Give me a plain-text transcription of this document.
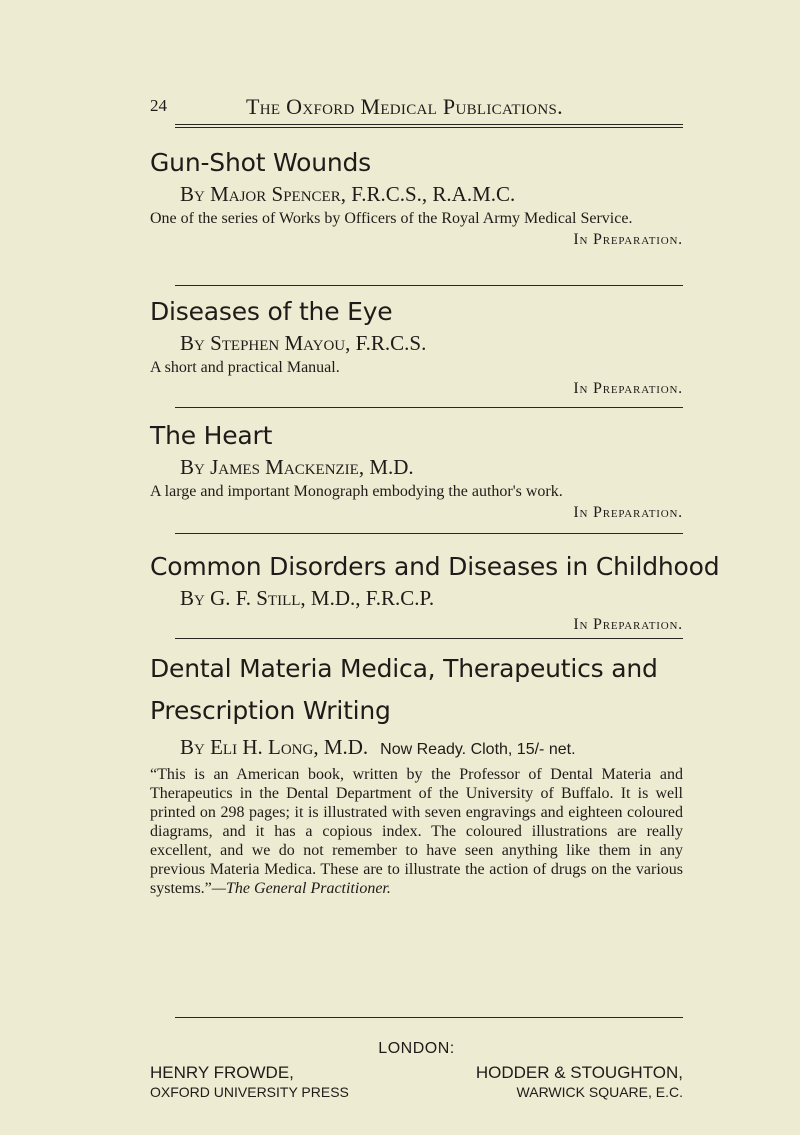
24	The Oxford Medical Publications.
Gun-Shot Wounds
By Major Spencer, F.R.C.S., R.A.M.C.
One of the series of Works by Officers of the Royal Army Medical Service.
In Preparation.
Diseases of the Eye
By Stephen Mayou, F.R.C.S.
A short and practical Manual.
In Preparation.
The Heart
By James Mackenzie, M.D.
A large and important Monograph embodying the author's work.
In Preparation.
Common Disorders and Diseases in Childhood
By G. F. Still, M.D., F.R.C.P.
In Preparation.
Dental Materia Medica, Therapeutics and Prescription Writing
By Eli H. Long, M.D. Now Ready. Cloth, 15/- net.
“This is an American book, written by the Professor of Dental Materia and Therapeutics in the Dental Department of the University of Buffalo. It is well printed on 298 pages; it is illustrated with seven engravings and eighteen coloured diagrams, and it has a copious index. The coloured illustrations are really excellent, and we do not remember to have seen anything like them in any previous Materia Medica. These are to illustrate the action of drugs on the various systems.”—The General Practitioner.
LONDON:
HENRY FROWDE,
OXFORD UNIVERSITY PRESS
HODDER & STOUGHTON,
WARWICK SQUARE, E.C.
